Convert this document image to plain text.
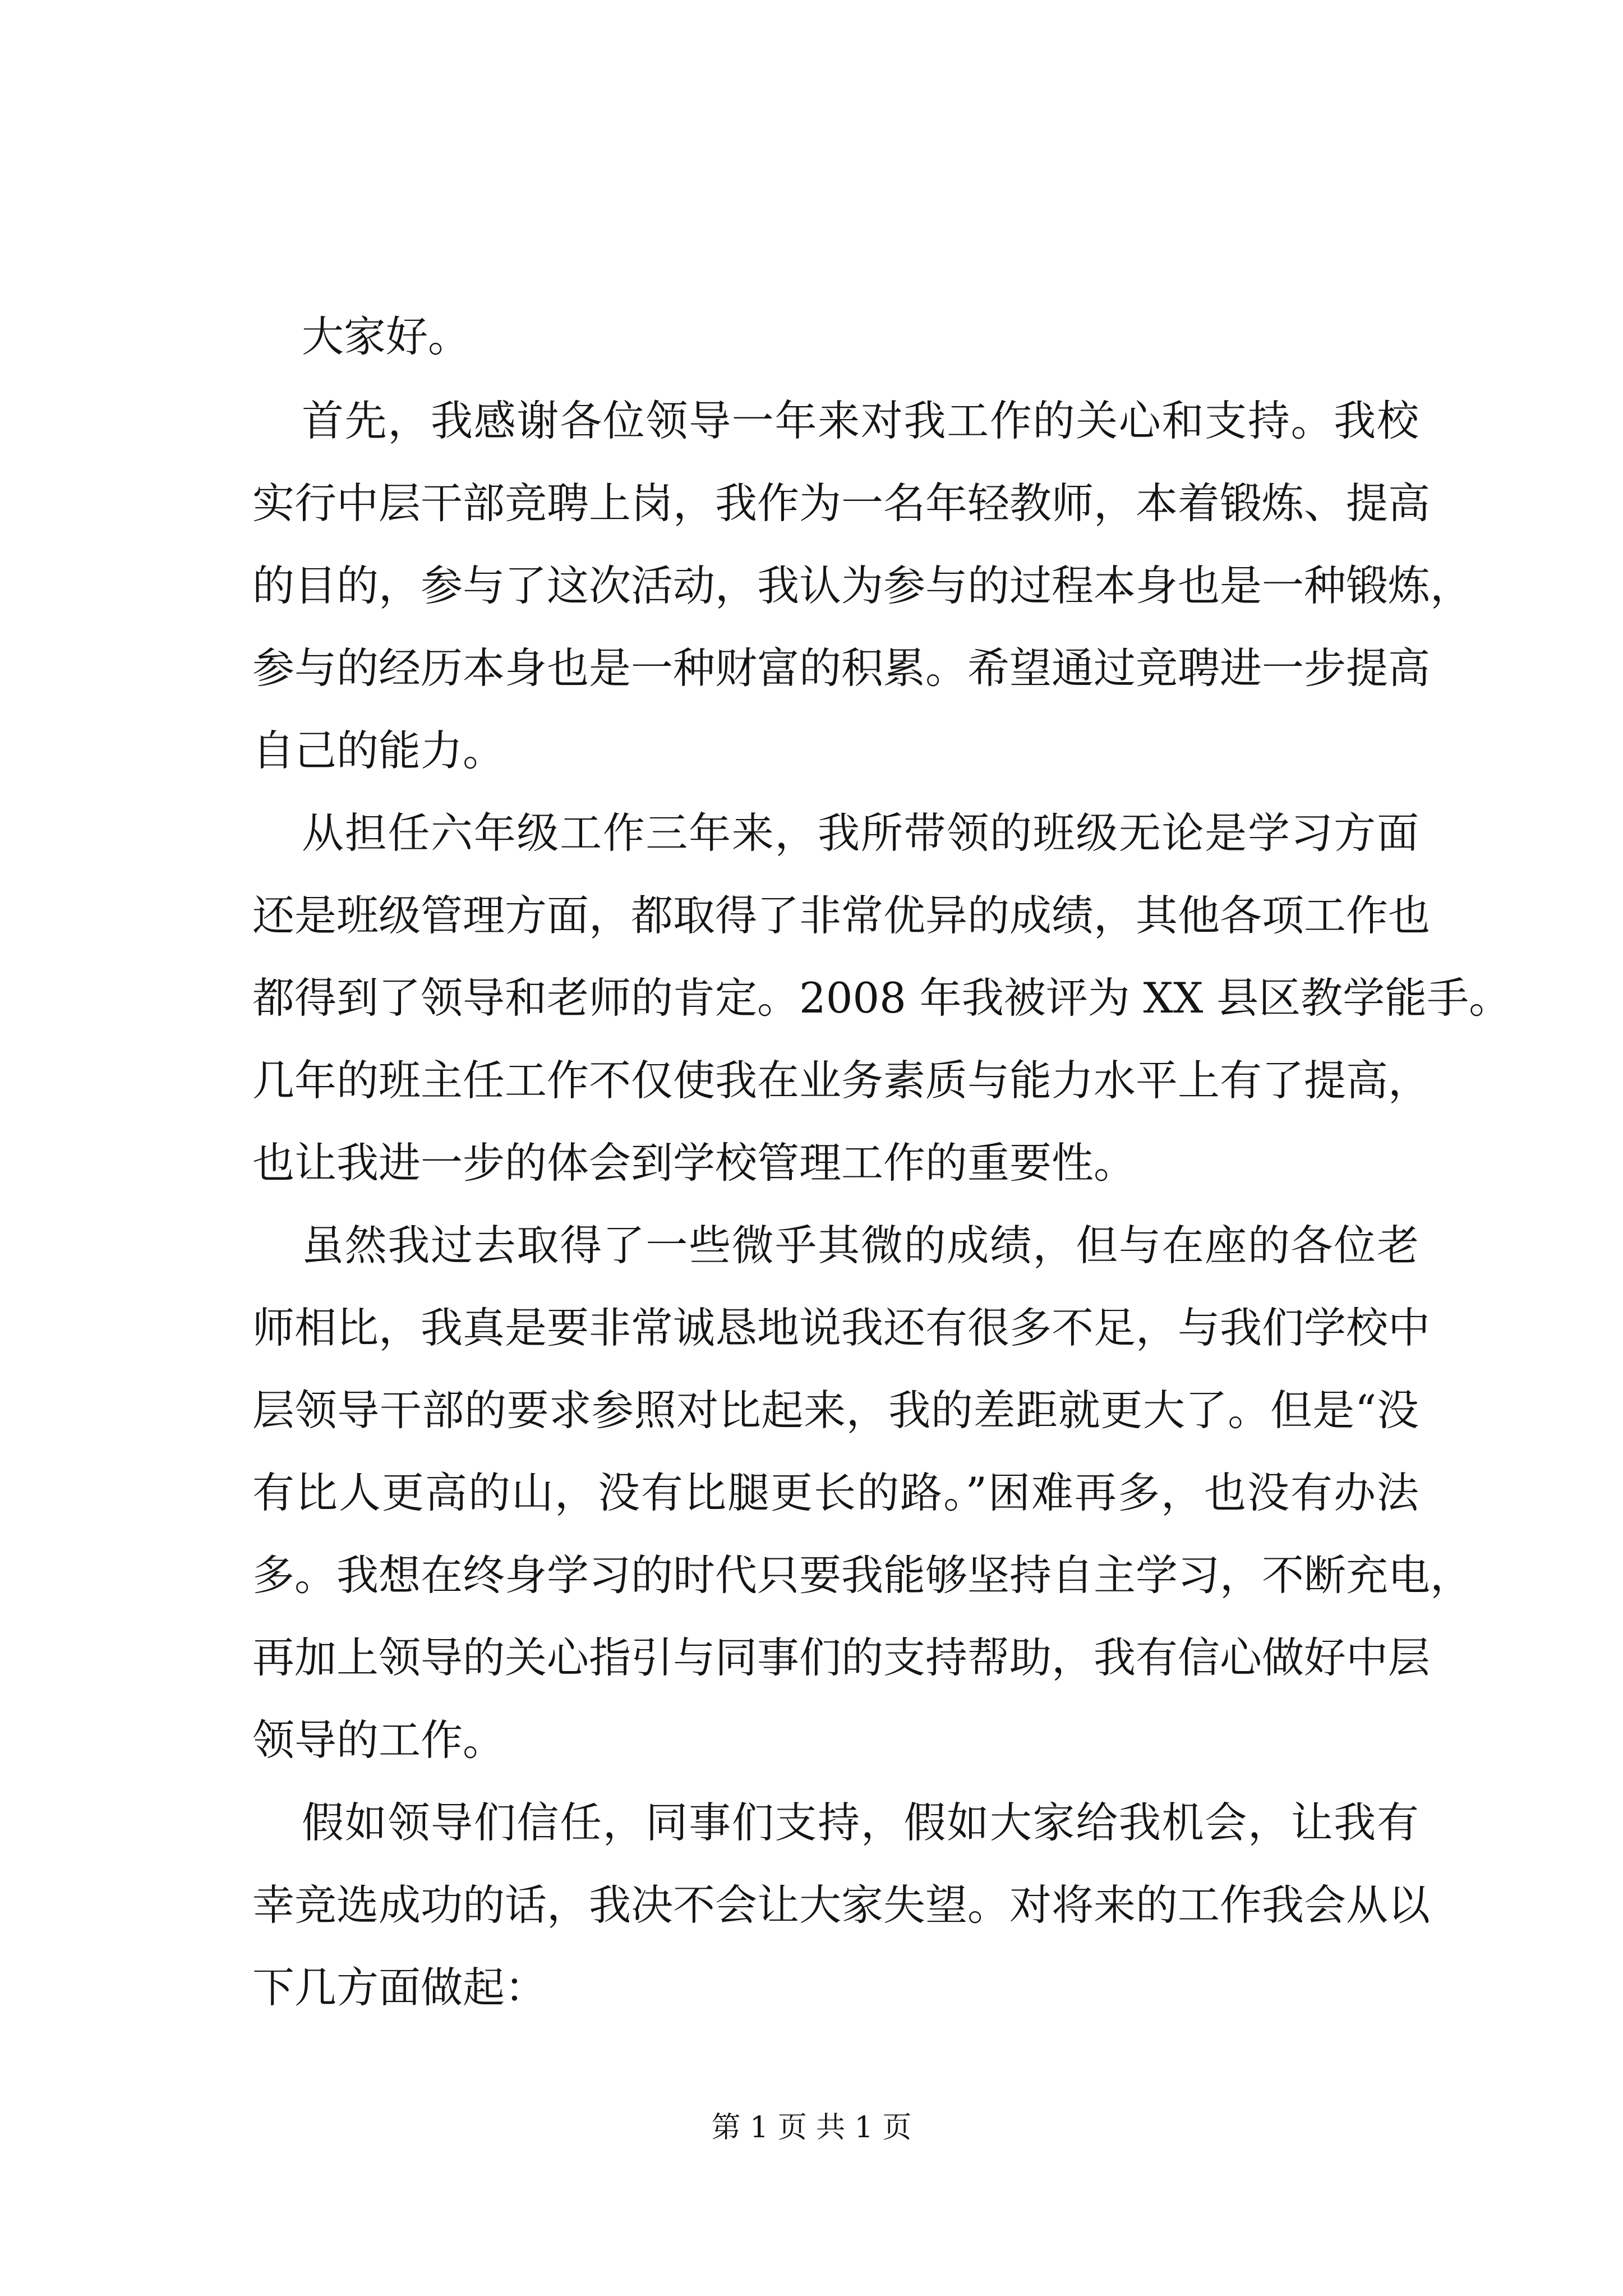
大家好。
首先，我感谢各位领导一年来对我工作的关心和支持。我校
实行中层干部竞聘上岗，我作为一名年轻教师，本着锻炼、提高
的目的，参与了这次活动，我认为参与的过程本身也是一种锻炼，
参与的经历本身也是一种财富的积累。希望通过竞聘进一步提高
自己的能力。
从担任六年级工作三年来，我所带领的班级无论是学习方面
还是班级管理方面，都取得了非常优异的成绩，其他各项工作也
都得到了领导和老师的肯定。2008 年我被评为 XX 县区教学能手。
几年的班主任工作不仅使我在业务素质与能力水平上有了提高，
也让我进一步的体会到学校管理工作的重要性。
虽然我过去取得了一些微乎其微的成绩，但与在座的各位老
师相比，我真是要非常诚恳地说我还有很多不足，与我们学校中
层领导干部的要求参照对比起来，我的差距就更大了。但是“没
有比人更高的山，没有比腿更长的路。”困难再多，也没有办法
多。我想在终身学习的时代只要我能够坚持自主学习，不断充电，
再加上领导的关心指引与同事们的支持帮助，我有信心做好中层
领导的工作。
假如领导们信任，同事们支持，假如大家给我机会，让我有
幸竞选成功的话，我决不会让大家失望。对将来的工作我会从以
下几方面做起：
第 1 页 共 1 页
